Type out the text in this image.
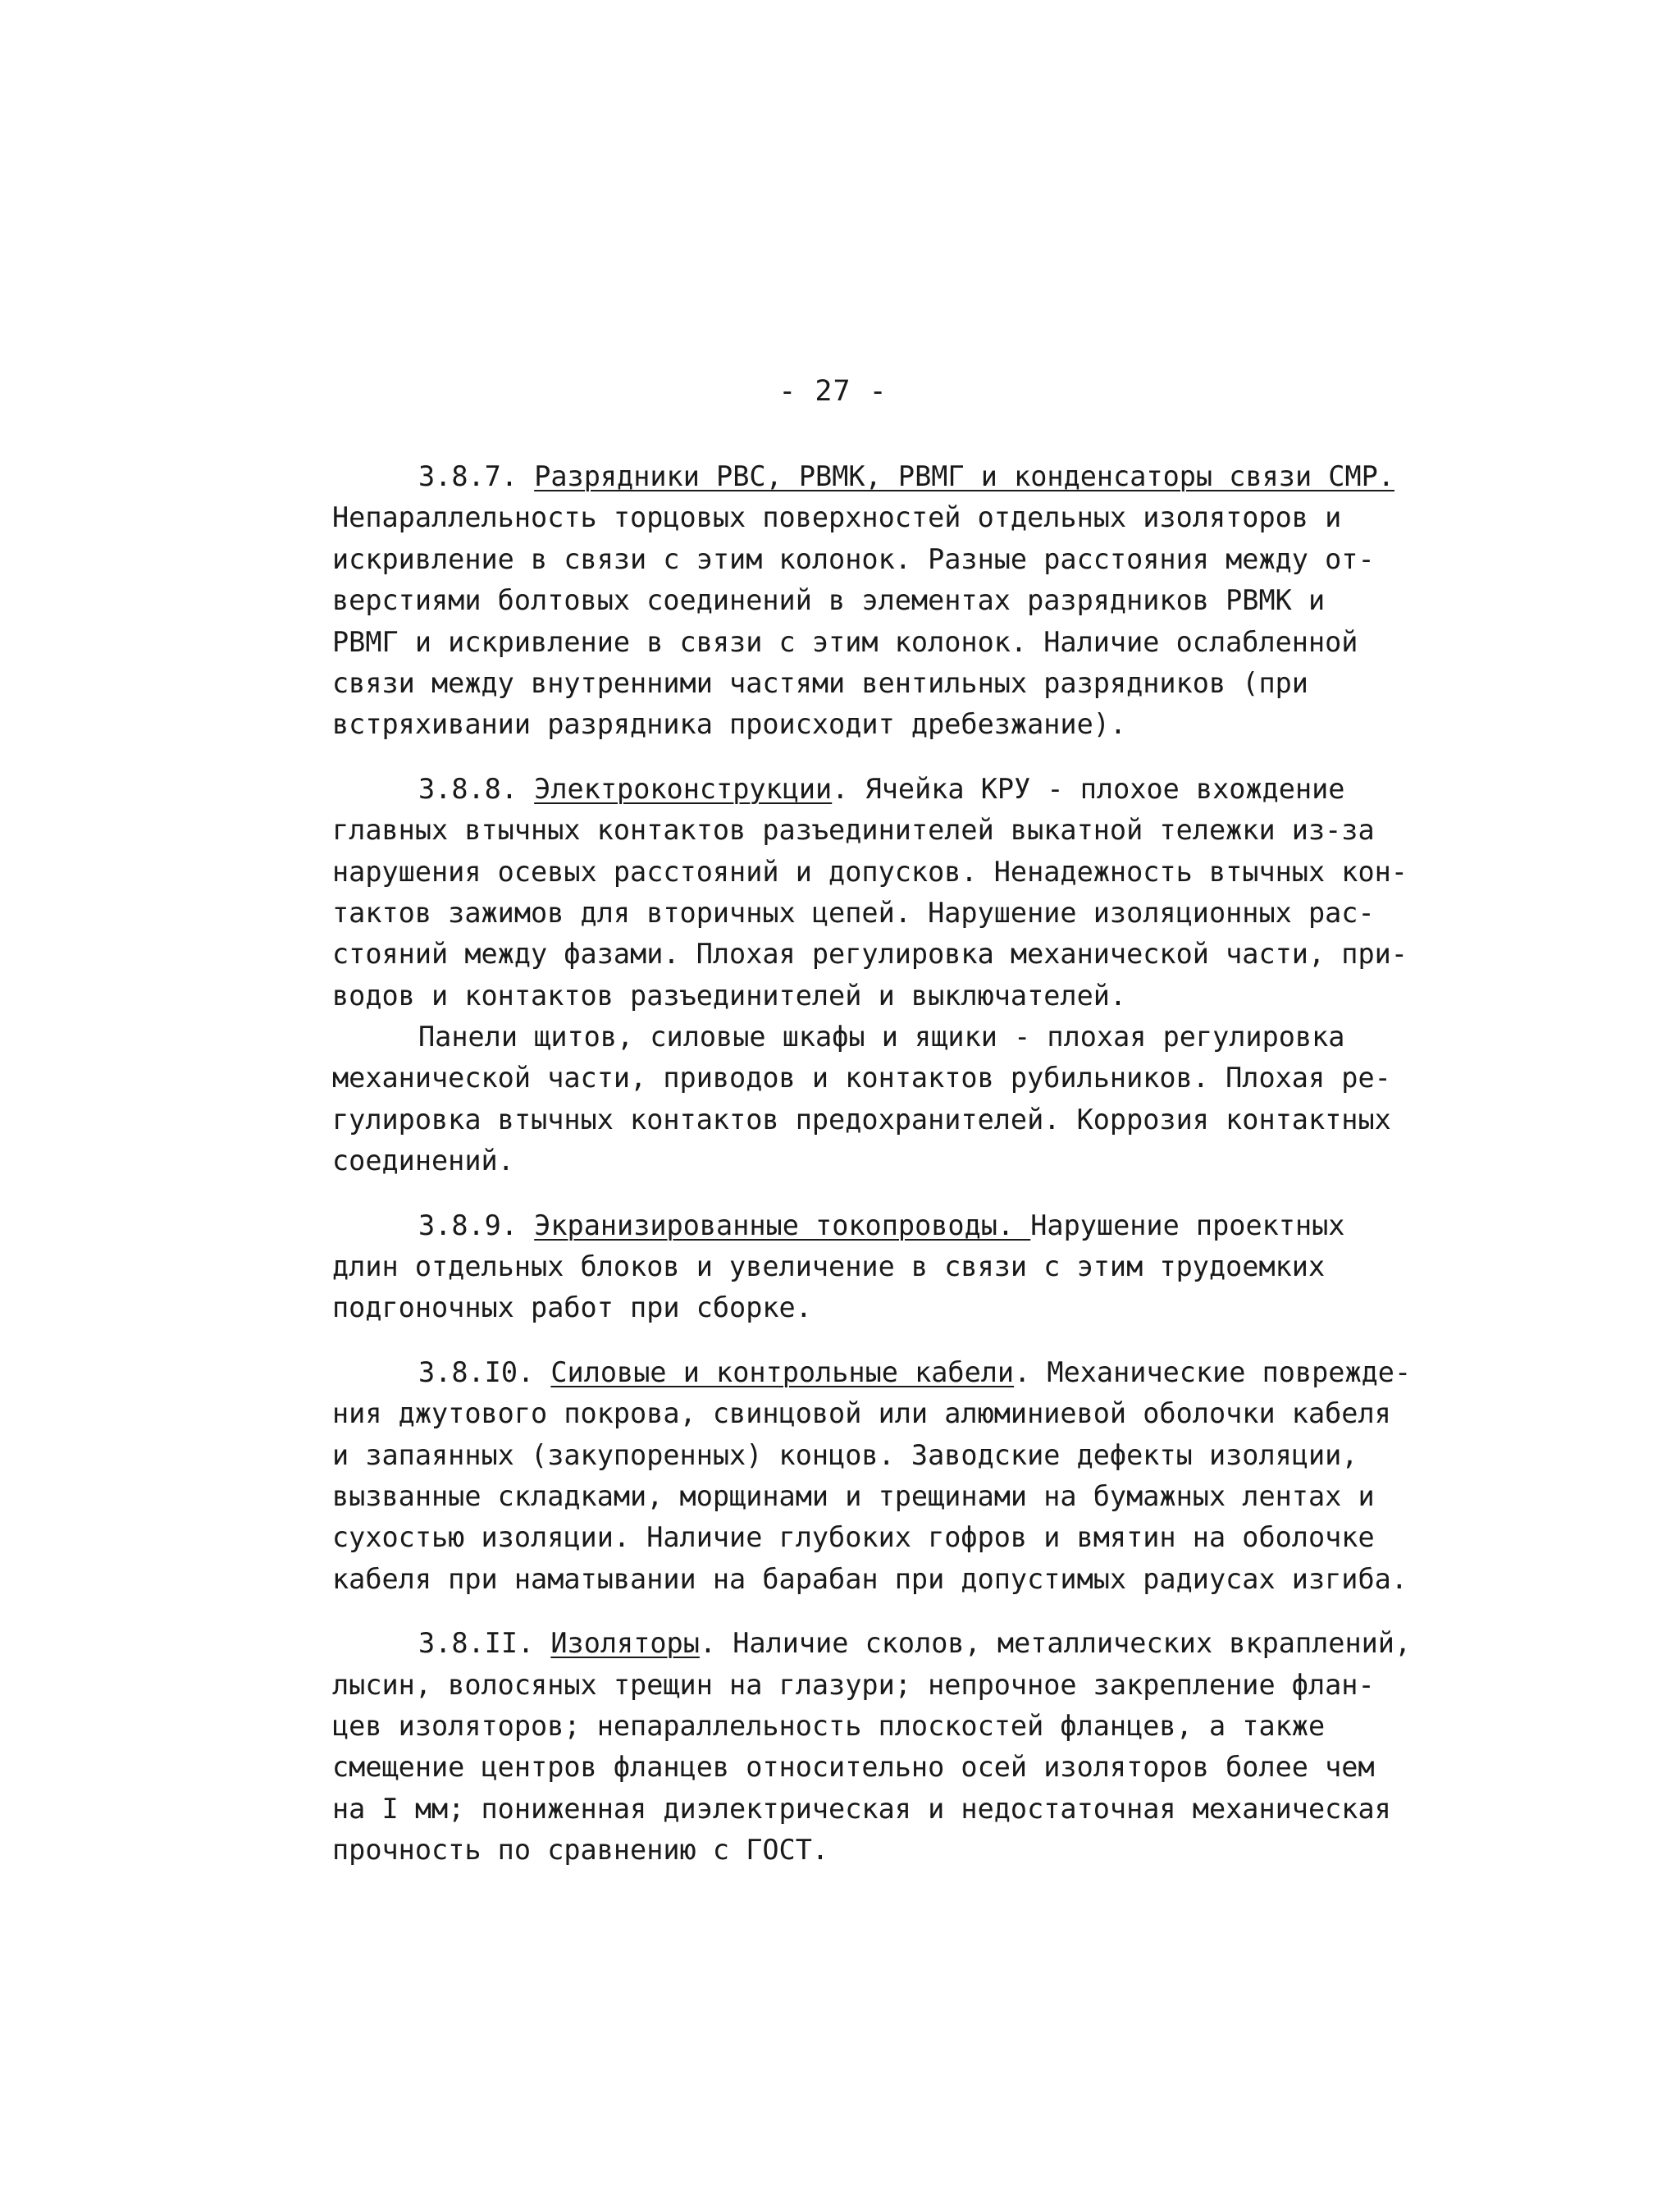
- 27 -
3.8.7. Разрядники РВС, РВМК, РВМГ и конденсаторы связи СМР.
Непараллельность торцовых поверхностей отдельных изоляторов и
искривление в связи с этим колонок. Разные расстояния между от-
верстиями болтовых соединений в элементах разрядников РВМК и
РВМГ и искривление в связи с этим колонок. Наличие ослабленной
связи между внутренними частями вентильных разрядников (при
встряхивании разрядника происходит дребезжание).
3.8.8. Электроконструкции. Ячейка КРУ - плохое вхождение
главных втычных контактов разъединителей выкатной тележки из-за
нарушения осевых расстояний и допусков. Ненадежность втычных кон-
тактов зажимов для вторичных цепей. Нарушение изоляционных рас-
стояний между фазами. Плохая регулировка механической части, при-
водов и контактов разъединителей и выключателей.
Панели щитов, силовые шкафы и ящики - плохая регулировка
механической части, приводов и контактов рубильников. Плохая ре-
гулировка втычных контактов предохранителей. Коррозия контактных
соединений.
3.8.9. Экранизированные токопроводы. Нарушение проектных
длин отдельных блоков и увеличение в связи с этим трудоемких
подгоночных работ при сборке.
3.8.I0. Силовые и контрольные кабели. Механические поврежде-
ния джутового покрова, свинцовой или алюминиевой оболочки кабеля
и запаянных (закупоренных) концов. Заводские дефекты изоляции,
вызванные складками, морщинами и трещинами на бумажных лентах и
сухостью изоляции. Наличие глубоких гофров и вмятин на оболочке
кабеля при наматывании на барабан при допустимых радиусах изгиба.
3.8.II. Изоляторы. Наличие сколов, металлических вкраплений,
лысин, волосяных трещин на глазури; непрочное закрепление флан-
цев изоляторов; непараллельность плоскостей фланцев, а также
смещение центров фланцев относительно осей изоляторов более чем
на I мм; пониженная диэлектрическая и недостаточная механическая
прочность по сравнению с ГОСТ.
